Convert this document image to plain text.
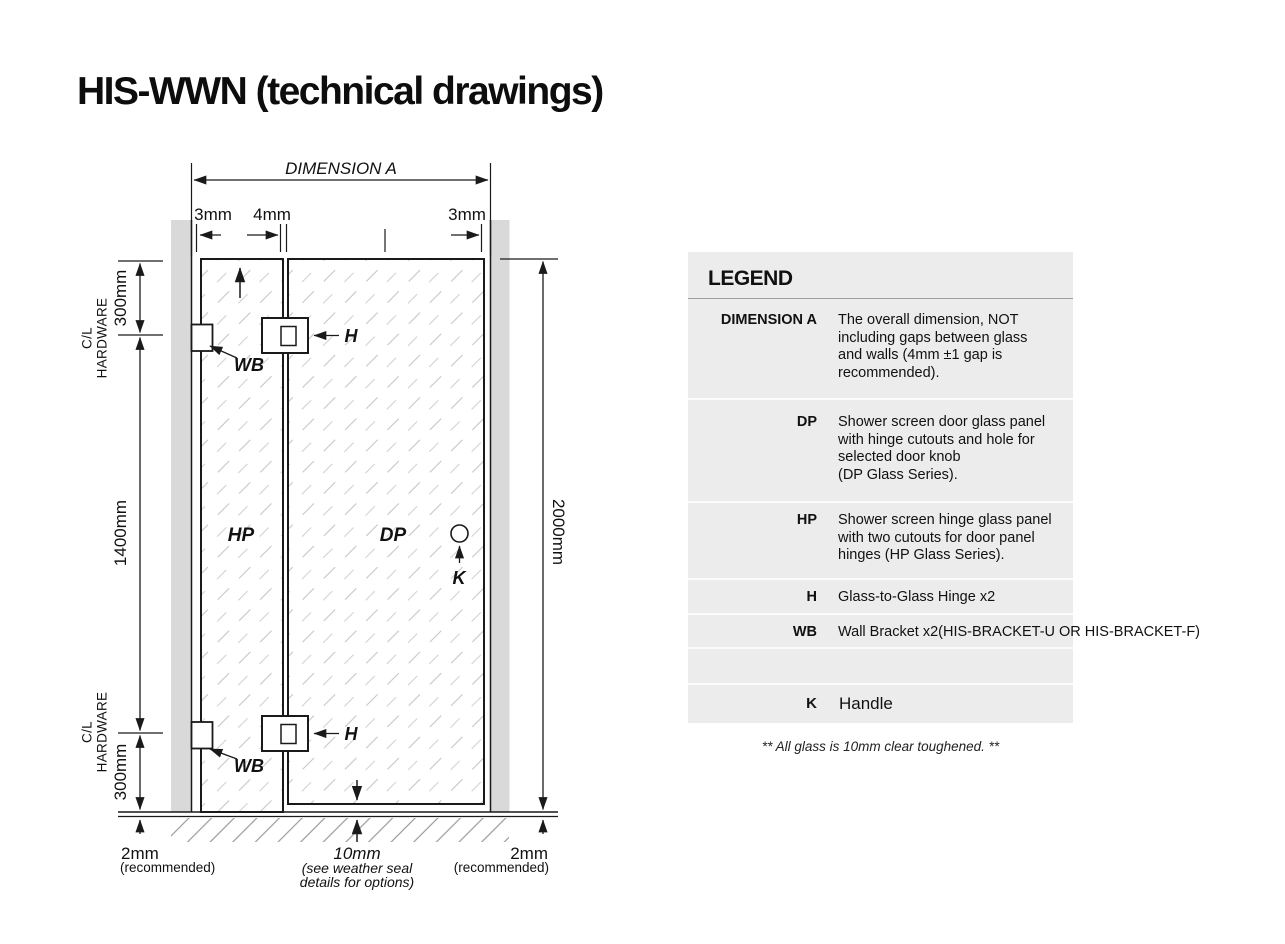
HIS-WWN (technical drawings)
HP	DP
DIMENSION A
3mm 4mm	3mm
300mm
C/L HARDWARE
1400mm
C/L HARDWARE 300mm
2000mm
WB
WB
H
H
K
2mm
(recommended)
10mm
(see weather seal
details for options)
2mm
(recommended)
LEGEND
DIMENSION A The overall dimension, NOT
including gaps between glass
and walls (4mm ±1 gap is
recommended).
DP Shower screen door glass panel
with hinge cutouts and hole for
selected door knob
(DP Glass Series).
HP Shower screen hinge glass panel
with two cutouts for door panel
hinges (HP Glass Series).
H Glass-to-Glass Hinge x2
WB Wall Bracket x2(HIS-BRACKET-U OR HIS-BRACKET-F)
K Handle
** All glass is 10mm clear toughened. **
